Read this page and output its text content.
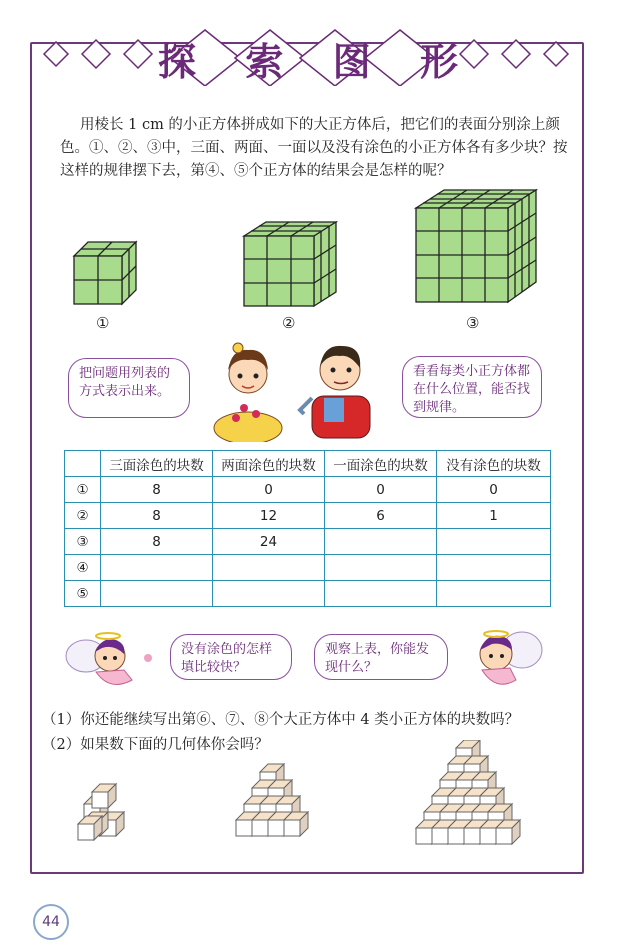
探 索 图 形
用棱长 1 cm 的小正方体拼成如下的大正方体后，把它们的表面分别涂上颜色。①、②、③中，三面、两面、一面以及没有涂色的小正方体各有多少块？按这样的规律摆下去，第④、⑤个正方体的结果会是怎样的呢？
①	②	③
把问题用列表的方式表示出来。
看看每类小正方体都在什么位置，能否找到规律。
	三面涂色的块数	两面涂色的块数	一面涂色的块数	没有涂色的块数
①	8	0	0	0
②	8	12	6	1
③	8	24		
④				
⑤				
没有涂色的怎样填比较快？
观察上表，你能发现什么？
（1）你还能继续写出第⑥、⑦、⑧个大正方体中 4 类小正方体的块数吗？
（2）如果数下面的几何体你会吗？
44
